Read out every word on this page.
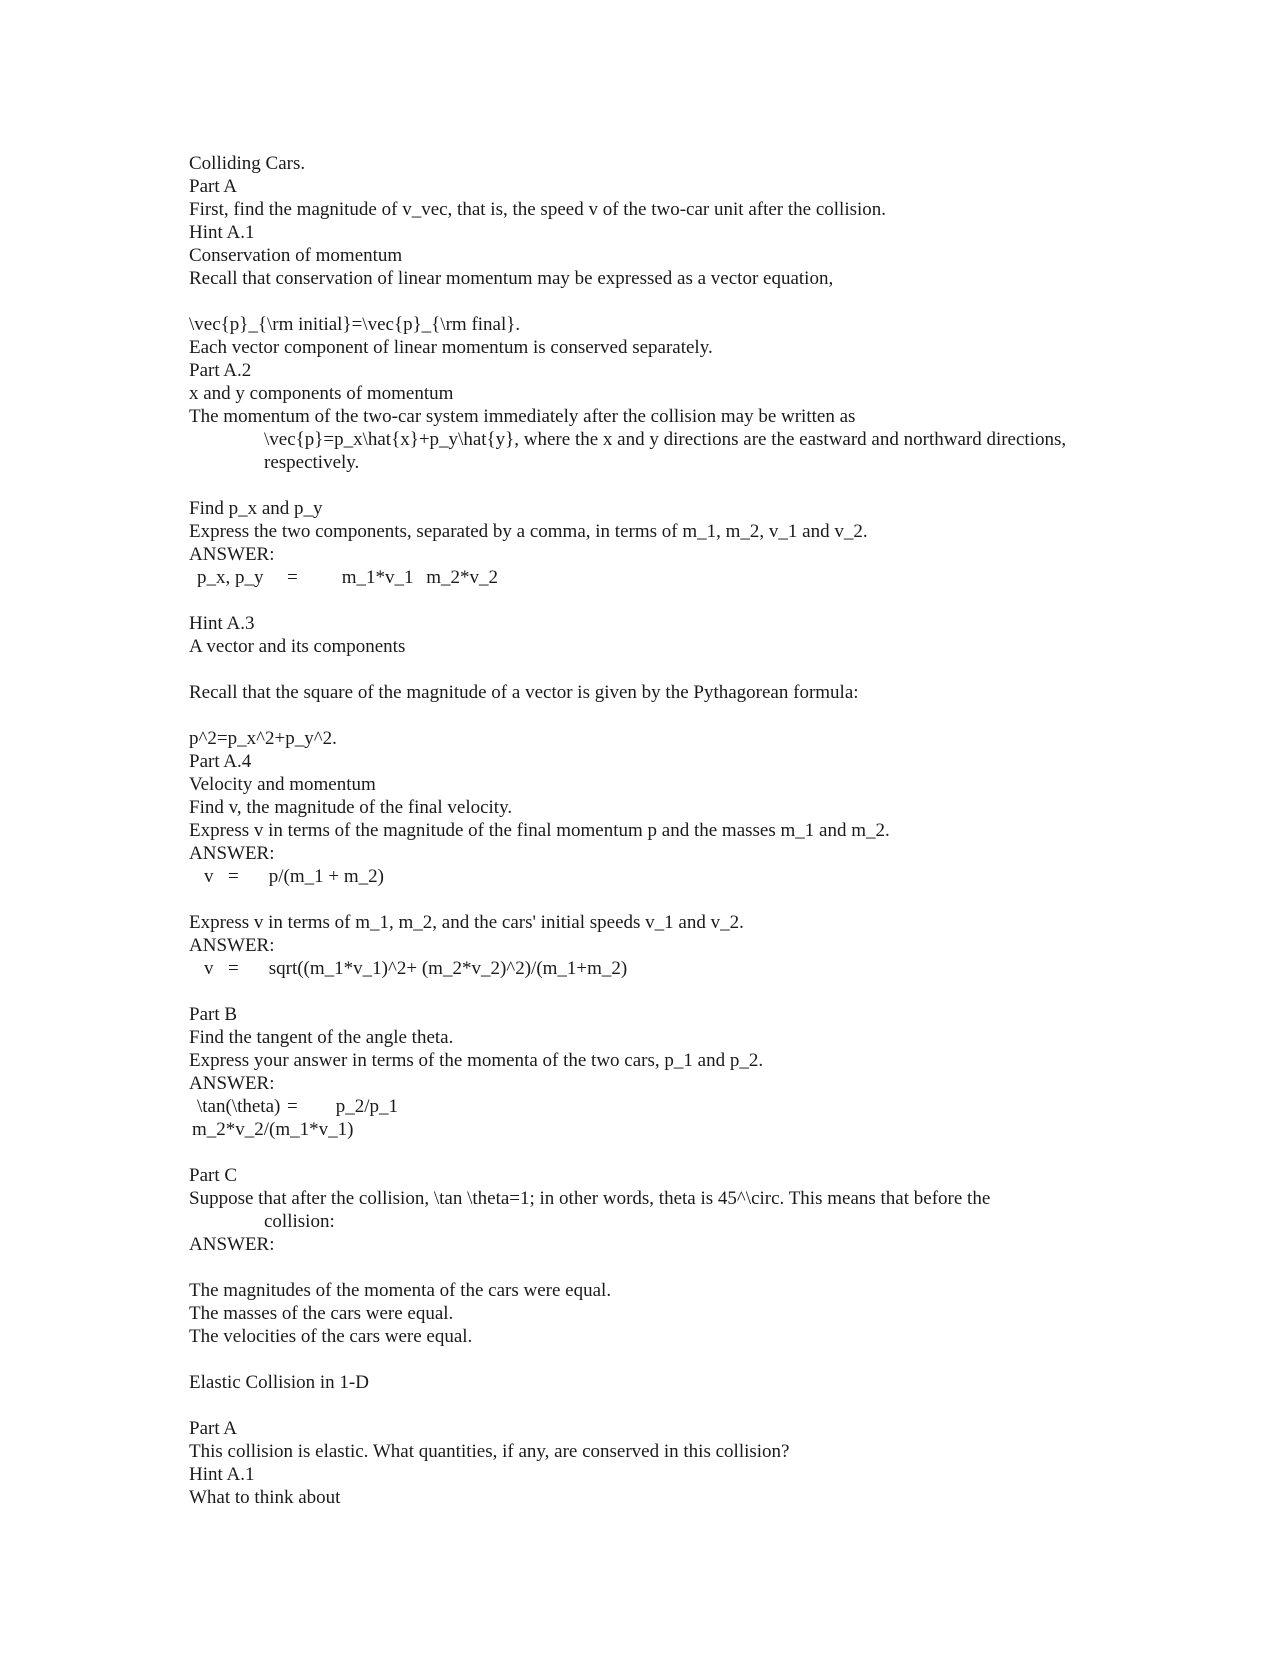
Colliding Cars.
Part A
First, find the magnitude of v_vec, that is, the speed v of the two-car unit after the collision.
Hint A.1
Conservation of momentum
Recall that conservation of linear momentum may be expressed as a vector equation,
\vec{p}_{\rm initial}=\vec{p}_{\rm final}.
Each vector component of linear momentum is conserved separately.
Part A.2
x and y components of momentum
The momentum of the two-car system immediately after the collision may be written as
\vec{p}=p_x\hat{x}+p_y\hat{y}, where the x and y directions are the eastward and northward directions, respectively.
Find p_x and p_y
Express the two components, separated by a comma, in terms of m_1, m_2, v_1 and v_2.
ANSWER:
p_x, p_y	=	m_1*v_1 m_2*v_2
Hint A.3
A vector and its components
Recall that the square of the magnitude of a vector is given by the Pythagorean formula:
p^2=p_x^2+p_y^2.
Part A.4
Velocity and momentum
Find v, the magnitude of the final velocity.
Express v in terms of the magnitude of the final momentum p and the masses m_1 and m_2.
ANSWER:
v =	p/(m_1 + m_2)
Express v in terms of m_1, m_2, and the cars' initial speeds v_1 and v_2.
ANSWER:
v =	sqrt((m_1*v_1)^2+ (m_2*v_2)^2)/(m_1+m_2)
Part B
Find the tangent of the angle theta.
Express your answer in terms of the momenta of the two cars, p_1 and p_2.
ANSWER:
\tan(\theta) =	p_2/p_1
m_2*v_2/(m_1*v_1)
Part C
Suppose that after the collision, \tan \theta=1; in other words, theta is 45^\circ. This means that before the
collision:
ANSWER:
The magnitudes of the momenta of the cars were equal.
The masses of the cars were equal.
The velocities of the cars were equal.
Elastic Collision in 1-D
Part A
This collision is elastic. What quantities, if any, are conserved in this collision?
Hint A.1
What to think about
